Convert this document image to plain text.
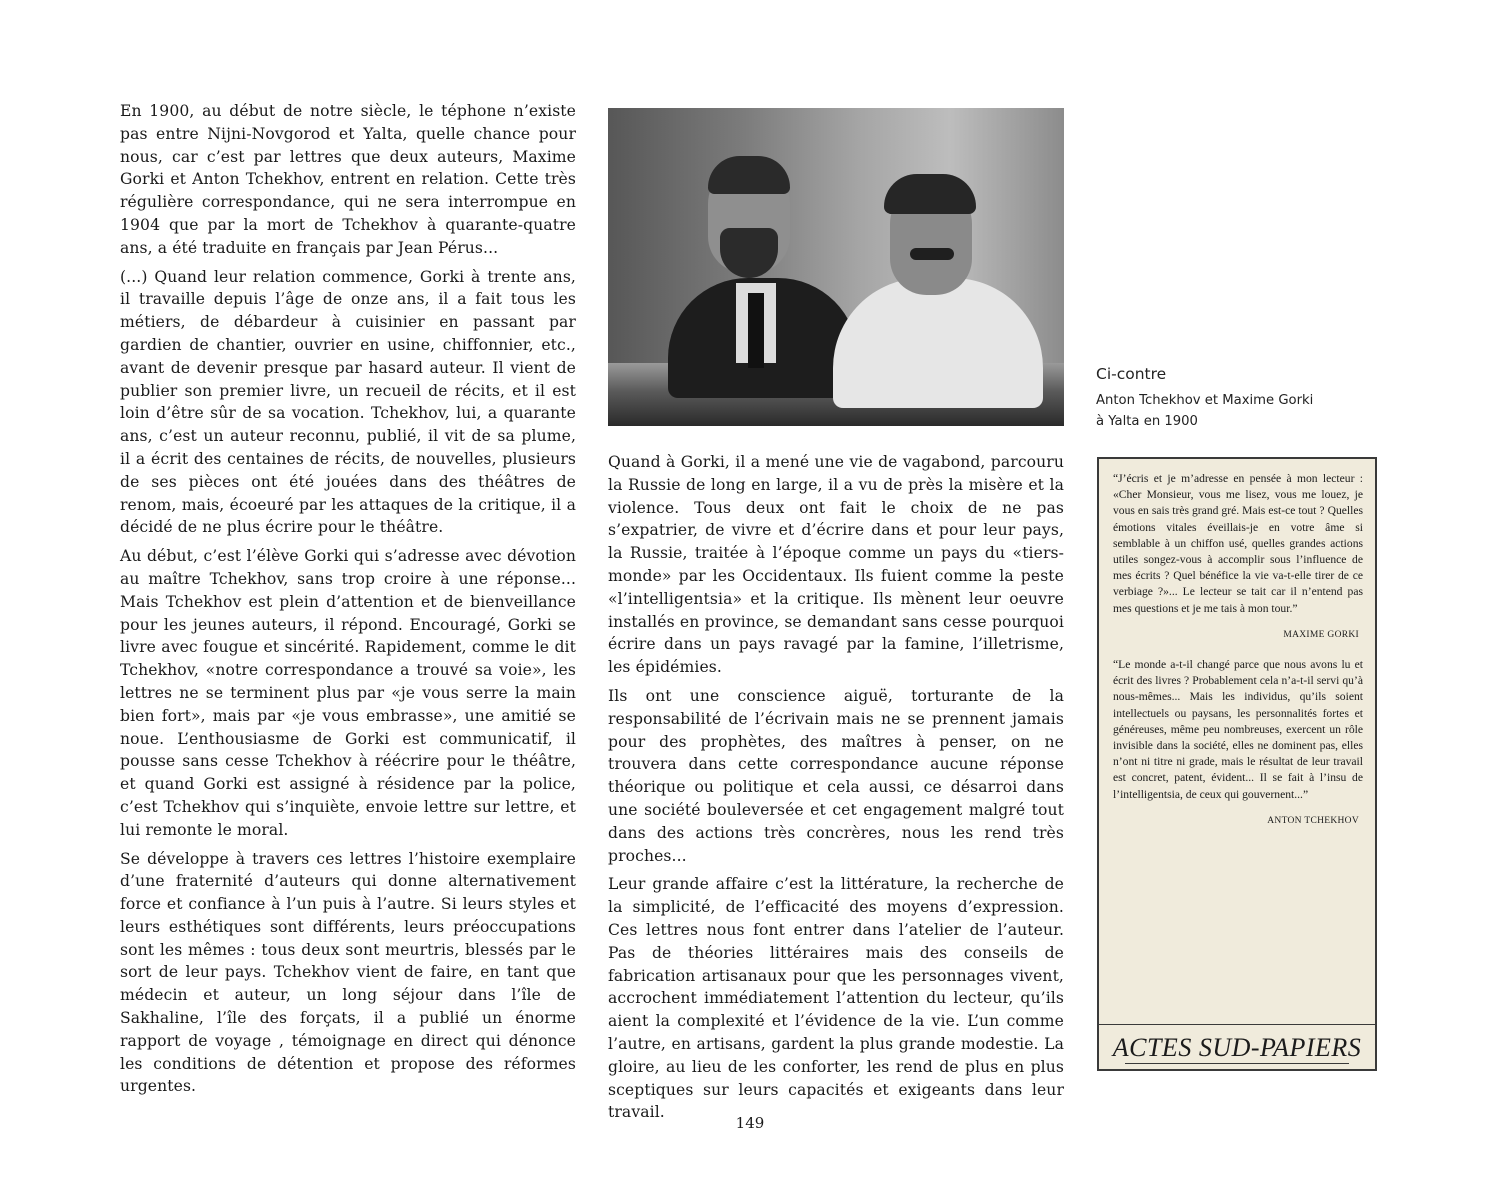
En 1900, au début de notre siècle, le téphone n’existe pas entre Nijni-Novgorod et Yalta, quelle chance pour nous, car c’est par lettres que deux auteurs, Maxime Gorki et Anton Tchekhov, entrent en relation. Cette très régulière correspondance, qui ne sera interrompue en 1904 que par la mort de Tchekhov à quarante-quatre ans, a été traduite en français par Jean Pérus...

(...) Quand leur relation commence, Gorki à trente ans, il travaille depuis l’âge de onze ans, il a fait tous les métiers, de débardeur à cuisinier en passant par gardien de chantier, ouvrier en usine, chiffonnier, etc., avant de devenir presque par hasard auteur. Il vient de publier son premier livre, un recueil de récits, et il est loin d’être sûr de sa vocation. Tchekhov, lui, a quarante ans, c’est un auteur reconnu, publié, il vit de sa plume, il a écrit des centaines de récits, de nouvelles, plusieurs de ses pièces ont été jouées dans des théâtres de renom, mais, écoeuré par les attaques de la critique, il a décidé de ne plus écrire pour le théâtre.

Au début, c’est l’élève Gorki qui s’adresse avec dévotion au maître Tchekhov, sans trop croire à une réponse... Mais Tchekhov est plein d’attention et de bienveillance pour les jeunes auteurs, il répond. Encouragé, Gorki se livre avec fougue et sincérité. Rapidement, comme le dit Tchekhov, «notre correspondance a trouvé sa voie», les lettres ne se terminent plus par «je vous serre la main bien fort», mais par «je vous embrasse», une amitié se noue. L’enthousiasme de Gorki est communicatif, il pousse sans cesse Tchekhov à réécrire pour le théâtre, et quand Gorki est assigné à résidence par la police, c’est Tchekhov qui s’inquiète, envoie lettre sur lettre, et lui remonte le moral.

Se développe à travers ces lettres l’histoire exemplaire d’une fraternité d’auteurs qui donne alternativement force et confiance à l’un puis à l’autre. Si leurs styles et leurs esthétiques sont différents, leurs préoccupations sont les mêmes : tous deux sont meurtris, blessés par le sort de leur pays. Tchekhov vient de faire, en tant que médecin et auteur, un long séjour dans l’île de Sakhaline, l’île des forçats, il a publié un énorme rapport de voyage , témoignage en direct qui dénonce les conditions de détention et propose des réformes urgentes.

Quand à Gorki, il a mené une vie de vagabond, parcouru la Russie de long en large, il a vu de près la misère et la violence. Tous deux ont fait le choix de ne pas s’expatrier, de vivre et d’écrire dans et pour leur pays, la Russie, traitée à l’époque comme un pays du «tiers-monde» par les Occidentaux. Ils fuient comme la peste «l’intelligentsia» et la critique. Ils mènent leur oeuvre installés en province, se demandant sans cesse pourquoi écrire dans un pays ravagé par la famine, l’illetrisme, les épidémies.

Ils ont une conscience aiguë, torturante de la responsabilité de l’écrivain mais ne se prennent jamais pour des prophètes, des maîtres à penser, on ne trouvera dans cette correspondance aucune réponse théorique ou politique et cela aussi, ce désarroi dans une société bouleversée et cet engagement malgré tout dans des actions très concrères, nous les rend très proches...

Leur grande affaire c’est la littérature, la recherche de la simplicité, de l’efficacité des moyens d’expression. Ces lettres nous font entrer dans l’atelier de l’auteur. Pas de théories littéraires mais des conseils de fabrication artisanaux pour que les personnages vivent, accrochent immédiatement l’attention du lecteur, qu’ils aient la complexité et l’évidence de la vie. L’un comme l’autre, en artisans, gardent la plus grande modestie. La gloire, au lieu de les conforter, les rend de plus en plus sceptiques sur leurs capacités et exigeants dans leur travail.

Ci-contre
Anton Tchekhov et Maxime Gorki
à Yalta en 1900

“J’écris et je m’adresse en pensée à mon lecteur : «Cher Monsieur, vous me lisez, vous me louez, je vous en sais très grand gré. Mais est-ce tout ? Quelles émotions vitales éveillais-je en votre âme si semblable à un chiffon usé, quelles grandes actions utiles songez-vous à accomplir sous l’influence de mes écrits ? Quel bénéfice la vie va-t-elle tirer de ce verbiage ?»... Le lecteur se tait car il n’entend pas mes questions et je me tais à mon tour.”

MAXIME GORKI

“Le monde a-t-il changé parce que nous avons lu et écrit des livres ? Probablement cela n’a-t-il servi qu’à nous-mêmes... Mais les individus, qu’ils soient intellectuels ou paysans, les personnalités fortes et généreuses, même peu nombreuses, exercent un rôle invisible dans la société, elles ne dominent pas, elles n’ont ni titre ni grade, mais le résultat de leur travail est concret, patent, évident... Il se fait à l’insu de l’intelligentsia, de ceux qui gouvernent...”

ANTON TCHEKHOV
ACTES SUD-PAPIERS
149
